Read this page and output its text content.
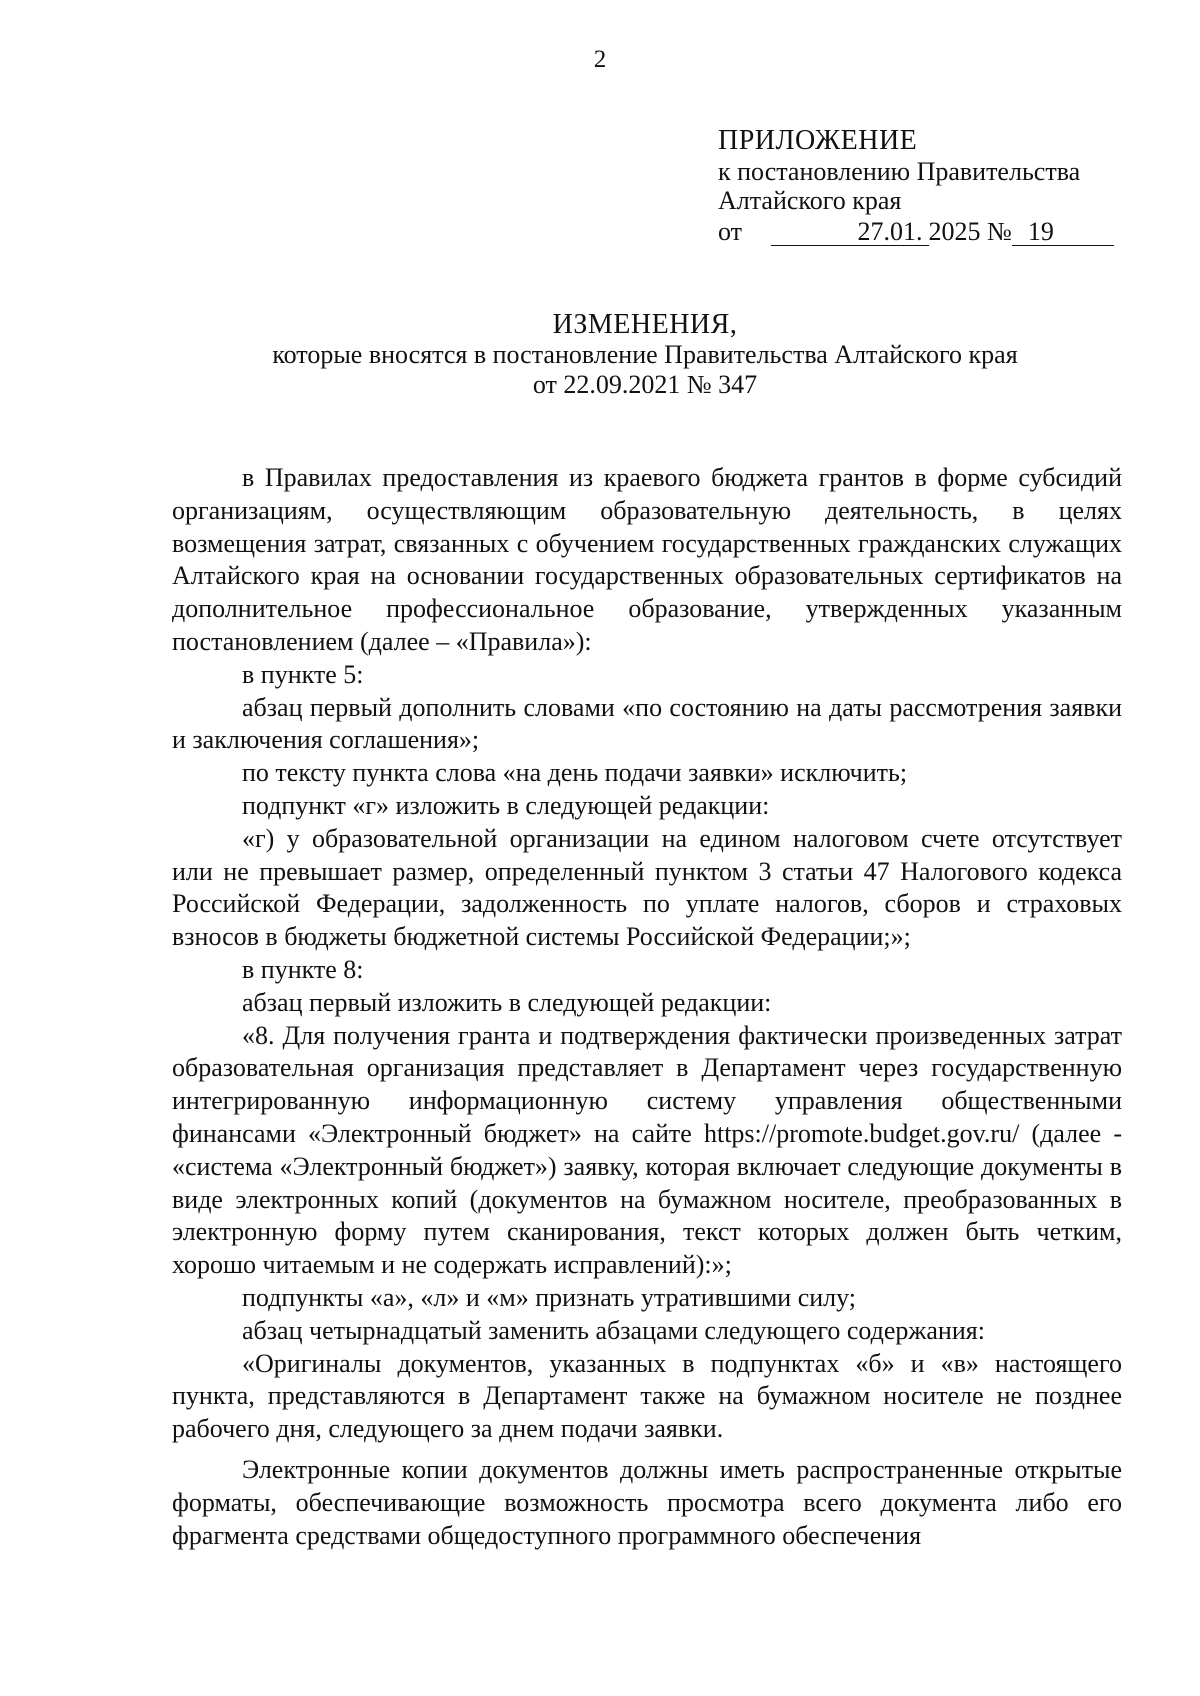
2
ПРИЛОЖЕНИЕ
к постановлению Правительства
Алтайского края
от	27.01. 2025 № 19
ИЗМЕНЕНИЯ,
которые вносятся в постановление Правительства Алтайского края
от 22.09.2021 № 347

в Правилах предоставления из краевого бюджета грантов в форме субсидий организациям, осуществляющим образовательную деятельность, в целях возмещения затрат, связанных с обучением государственных гражданских служащих Алтайского края на основании государственных образовательных сертификатов на дополнительное профессиональное образование, утвержденных указанным постановлением (далее – «Правила»):

в пункте 5:

абзац первый дополнить словами «по состоянию на даты рассмотрения заявки и заключения соглашения»;

по тексту пункта слова «на день подачи заявки» исключить;

подпункт «г» изложить в следующей редакции:

«г) у образовательной организации на едином налоговом счете отсутствует или не превышает размер, определенный пунктом 3 статьи 47 Налогового кодекса Российской Федерации, задолженность по уплате налогов, сборов и страховых взносов в бюджеты бюджетной системы Российской Федерации;»;

в пункте 8:

абзац первый изложить в следующей редакции:

«8. Для получения гранта и подтверждения фактически произведенных затрат образовательная организация представляет в Департамент через государственную интегрированную информационную систему управления общественными финансами «Электронный бюджет» на сайте https://promote.budget.gov.ru/ (далее - «система «Электронный бюджет») заявку, которая включает следующие документы в виде электронных копий (документов на бумажном носителе, преобразованных в электронную форму путем сканирования, текст которых должен быть четким, хорошо читаемым и не содержать исправлений):»;

подпункты «а», «л» и «м» признать утратившими силу;

абзац четырнадцатый заменить абзацами следующего содержания:

«Оригиналы документов, указанных в подпунктах «б» и «в» настоящего пункта, представляются в Департамент также на бумажном носителе не позднее рабочего дня, следующего за днем подачи заявки.

Электронные копии документов должны иметь распространенные открытые форматы, обеспечивающие возможность просмотра всего документа либо его фрагмента средствами общедоступного программного обеспечения
